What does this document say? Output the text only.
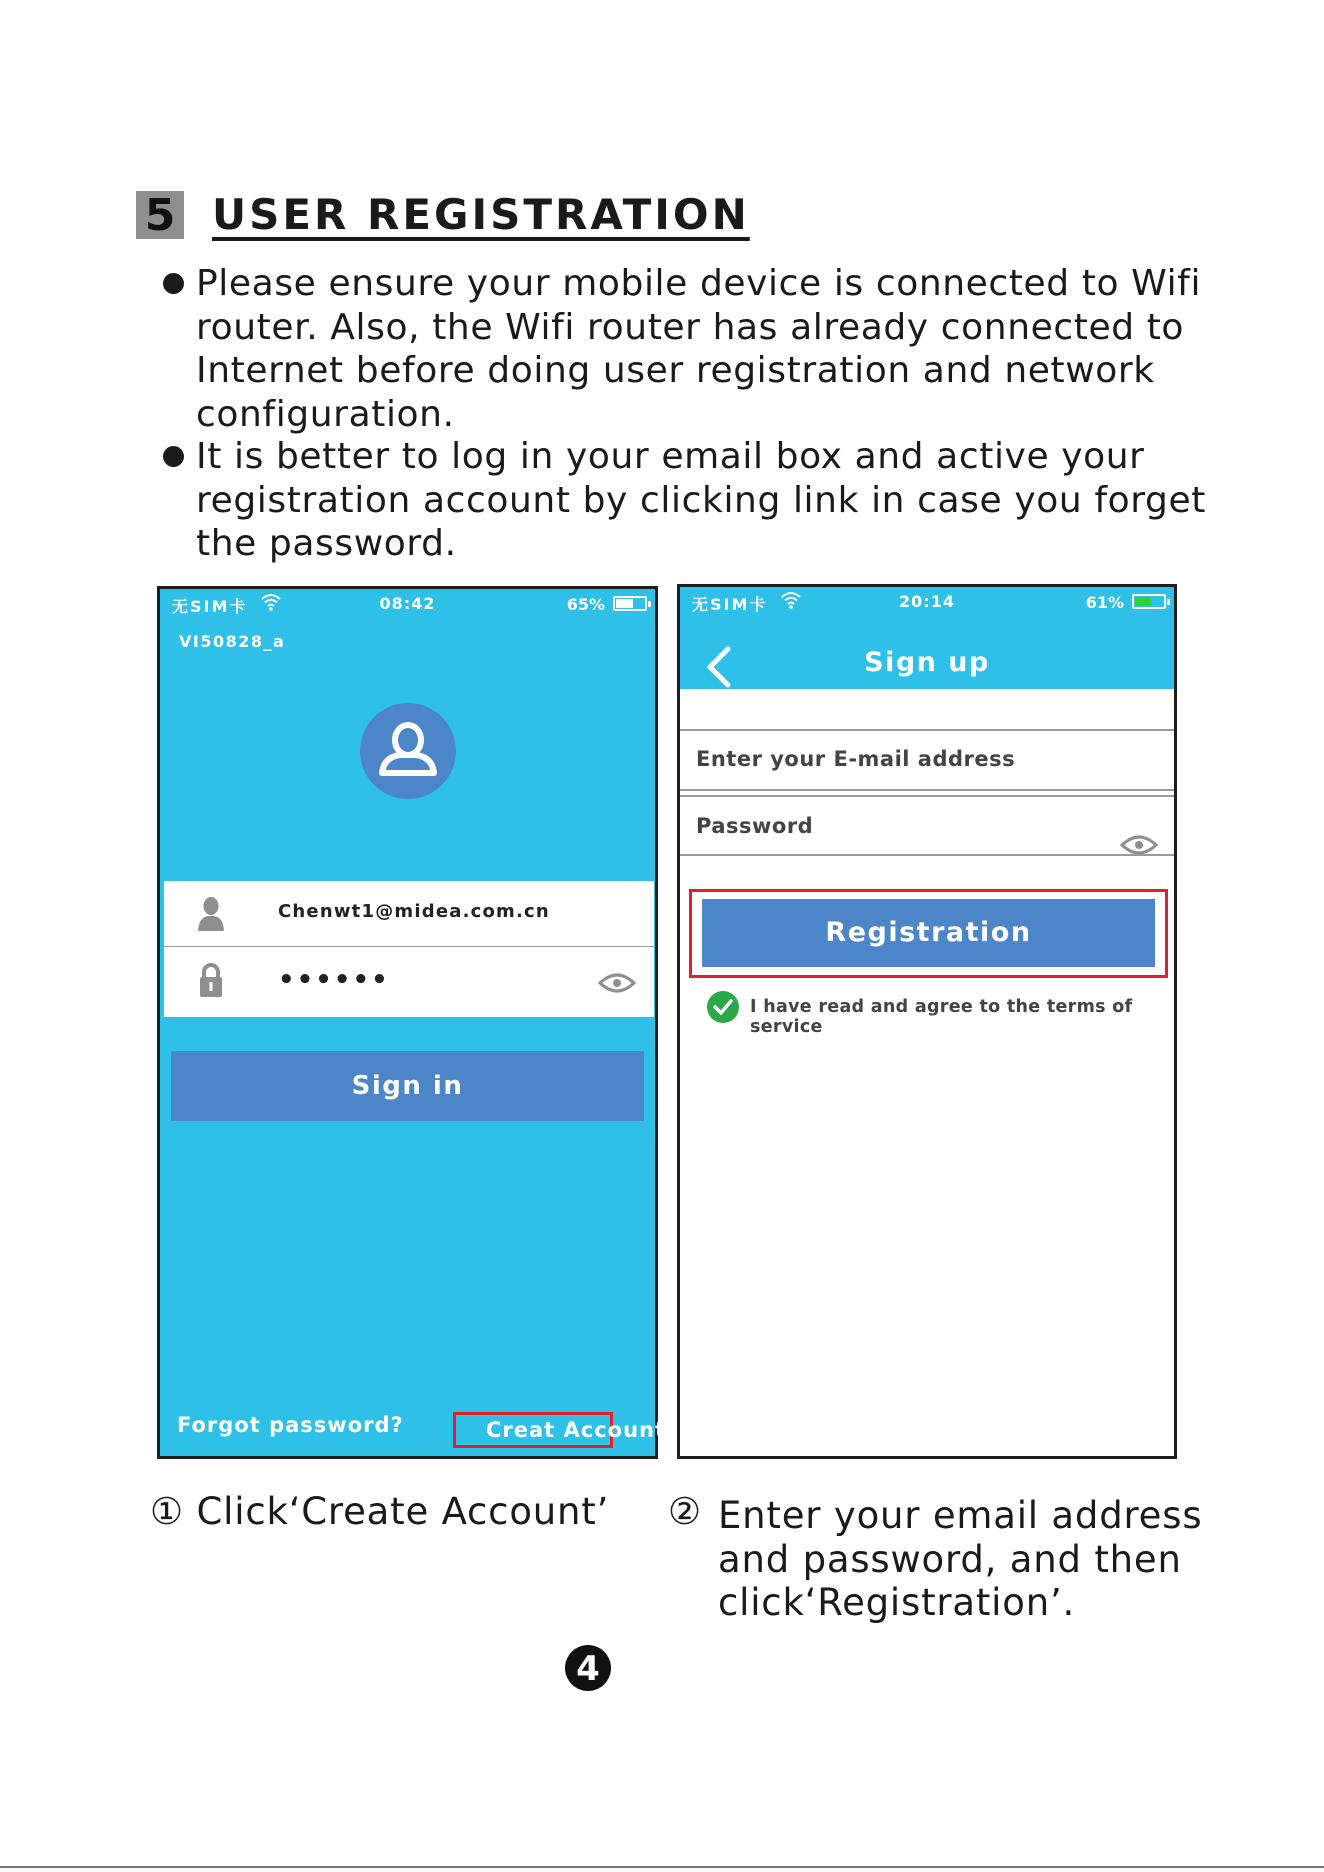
5 USER REGISTRATION
Please ensure your mobile device is connected to Wifi router. Also, the Wifi router has already connected to Internet before doing user registration and network configuration.
It is better to log in your email box and active your registration account by clicking link in case you forget the password.
无SIM卡	08:42	65%
VI50828_a
Chenwt1@midea.com.cn
••••••
Sign in
Forgot password?	Creat Account
无SIM卡	20:14	61%
Sign up
Enter your E-mail address
Password
Registration
I have read and agree to the terms of service
① Click‘Create Account’ ② Enter your email address and password, and then click‘Registration’.
4
